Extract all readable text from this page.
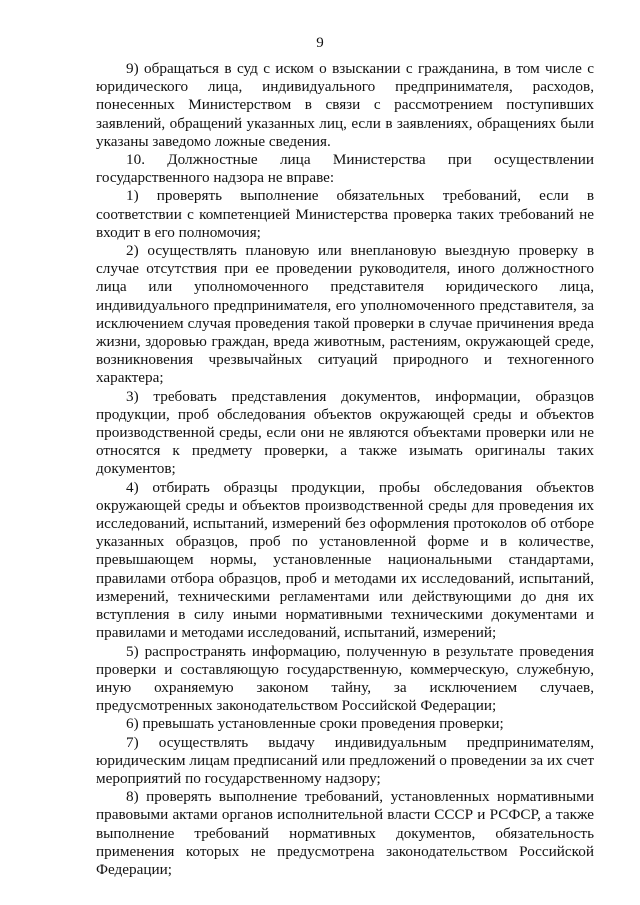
9

9) обращаться в суд с иском о взыскании с гражданина, в том числе с юридического лица, индивидуального предпринимателя, расходов, понесенных Министерством в связи с рассмотрением поступивших заявлений, обращений указанных лиц, если в заявлениях, обращениях были указаны заведомо ложные сведения.

10. Должностные лица Министерства при осуществлении государственного надзора не вправе:

1) проверять выполнение обязательных требований, если в соответствии с компетенцией Министерства проверка таких требований не входит в его полномочия;

2) осуществлять плановую или внеплановую выездную проверку в случае отсутствия при ее проведении руководителя, иного должностного лица или уполномоченного представителя юридического лица, индивидуального предпринимателя, его уполномоченного представителя, за исключением случая проведения такой проверки в случае причинения вреда жизни, здоровью граждан, вреда животным, растениям, окружающей среде, возникновения чрезвычайных ситуаций природного и техногенного характера;

3) требовать представления документов, информации, образцов продукции, проб обследования объектов окружающей среды и объектов производственной среды, если они не являются объектами проверки или не относятся к предмету проверки, а также изымать оригиналы таких документов;

4) отбирать образцы продукции, пробы обследования объектов окружающей среды и объектов производственной среды для проведения их исследований, испытаний, измерений без оформления протоколов об отборе указанных образцов, проб по установленной форме и в количестве, превышающем нормы, установленные национальными стандартами, правилами отбора образцов, проб и методами их исследований, испытаний, измерений, техническими регламентами или действующими до дня их вступления в силу иными нормативными техническими документами и правилами и методами исследований, испытаний, измерений;

5) распространять информацию, полученную в результате проведения проверки и составляющую государственную, коммерческую, служебную, иную охраняемую законом тайну, за исключением случаев, предусмотренных законодательством Российской Федерации;

6) превышать установленные сроки проведения проверки;

7) осуществлять выдачу индивидуальным предпринимателям, юридическим лицам предписаний или предложений о проведении за их счет мероприятий по государственному надзору;

8) проверять выполнение требований, установленных нормативными правовыми актами органов исполнительной власти СССР и РСФСР, а также выполнение требований нормативных документов, обязательность применения которых не предусмотрена законодательством Российской Федерации;
